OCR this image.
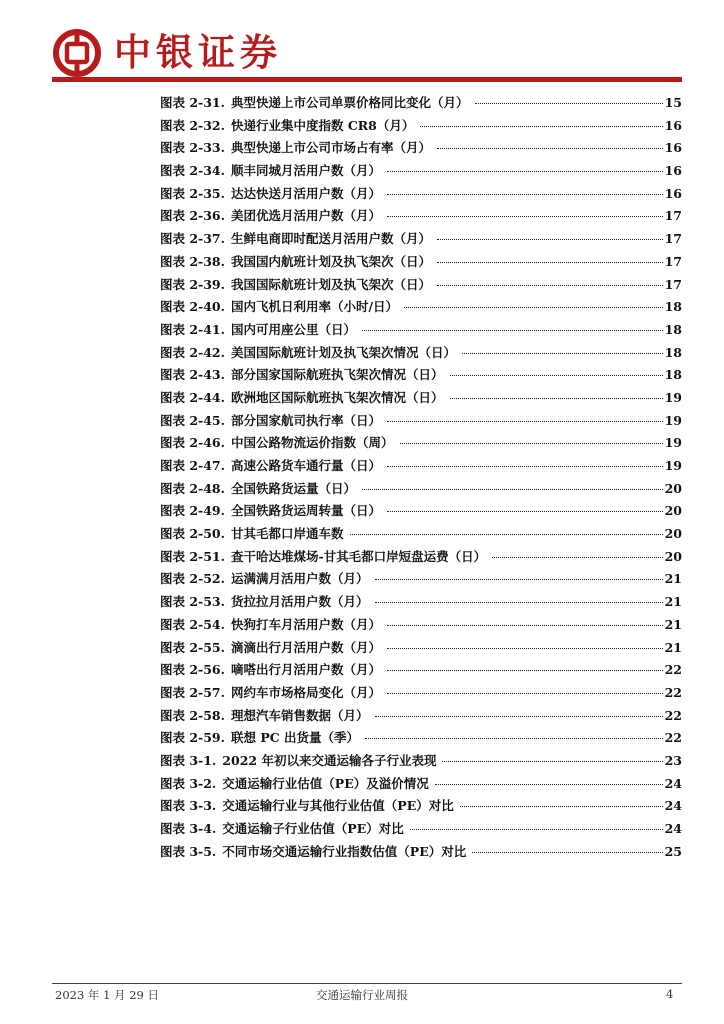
中银证券
图表 2-31. 典型快递上市公司单票价格同比变化（月）	15
图表 2-32. 快递行业集中度指数 CR8（月）	16
图表 2-33. 典型快递上市公司市场占有率（月）	16
图表 2-34. 顺丰同城月活用户数（月）	16
图表 2-35. 达达快送月活用户数（月）	16
图表 2-36. 美团优选月活用户数（月）	17
图表 2-37. 生鲜电商即时配送月活用户数（月）	17
图表 2-38. 我国国内航班计划及执飞架次（日）	17
图表 2-39. 我国国际航班计划及执飞架次（日）	17
图表 2-40. 国内飞机日利用率（小时/日）	18
图表 2-41. 国内可用座公里（日）	18
图表 2-42. 美国国际航班计划及执飞架次情况（日）	18
图表 2-43. 部分国家国际航班执飞架次情况（日）	18
图表 2-44. 欧洲地区国际航班执飞架次情况（日）	19
图表 2-45. 部分国家航司执行率（日）	19
图表 2-46. 中国公路物流运价指数（周）	19
图表 2-47. 高速公路货车通行量（日）	19
图表 2-48. 全国铁路货运量（日）	20
图表 2-49. 全国铁路货运周转量（日）	20
图表 2-50. 甘其毛都口岸通车数	20
图表 2-51. 查干哈达堆煤场-甘其毛都口岸短盘运费（日）	20
图表 2-52. 运满满月活用户数（月）	21
图表 2-53. 货拉拉月活用户数（月）	21
图表 2-54. 快狗打车月活用户数（月）	21
图表 2-55. 滴滴出行月活用户数（月）	21
图表 2-56. 嘀嗒出行月活用户数（月）	22
图表 2-57. 网约车市场格局变化（月）	22
图表 2-58. 理想汽车销售数据（月）	22
图表 2-59. 联想 PC 出货量（季）	22
图表 3-1. 2022 年初以来交通运输各子行业表现	23
图表 3-2. 交通运输行业估值（PE）及溢价情况	24
图表 3-3. 交通运输行业与其他行业估值（PE）对比	24
图表 3-4. 交通运输子行业估值（PE）对比	24
图表 3-5. 不同市场交通运输行业指数估值（PE）对比	25
2023 年 1 月 29 日	交通运输行业周报	4
